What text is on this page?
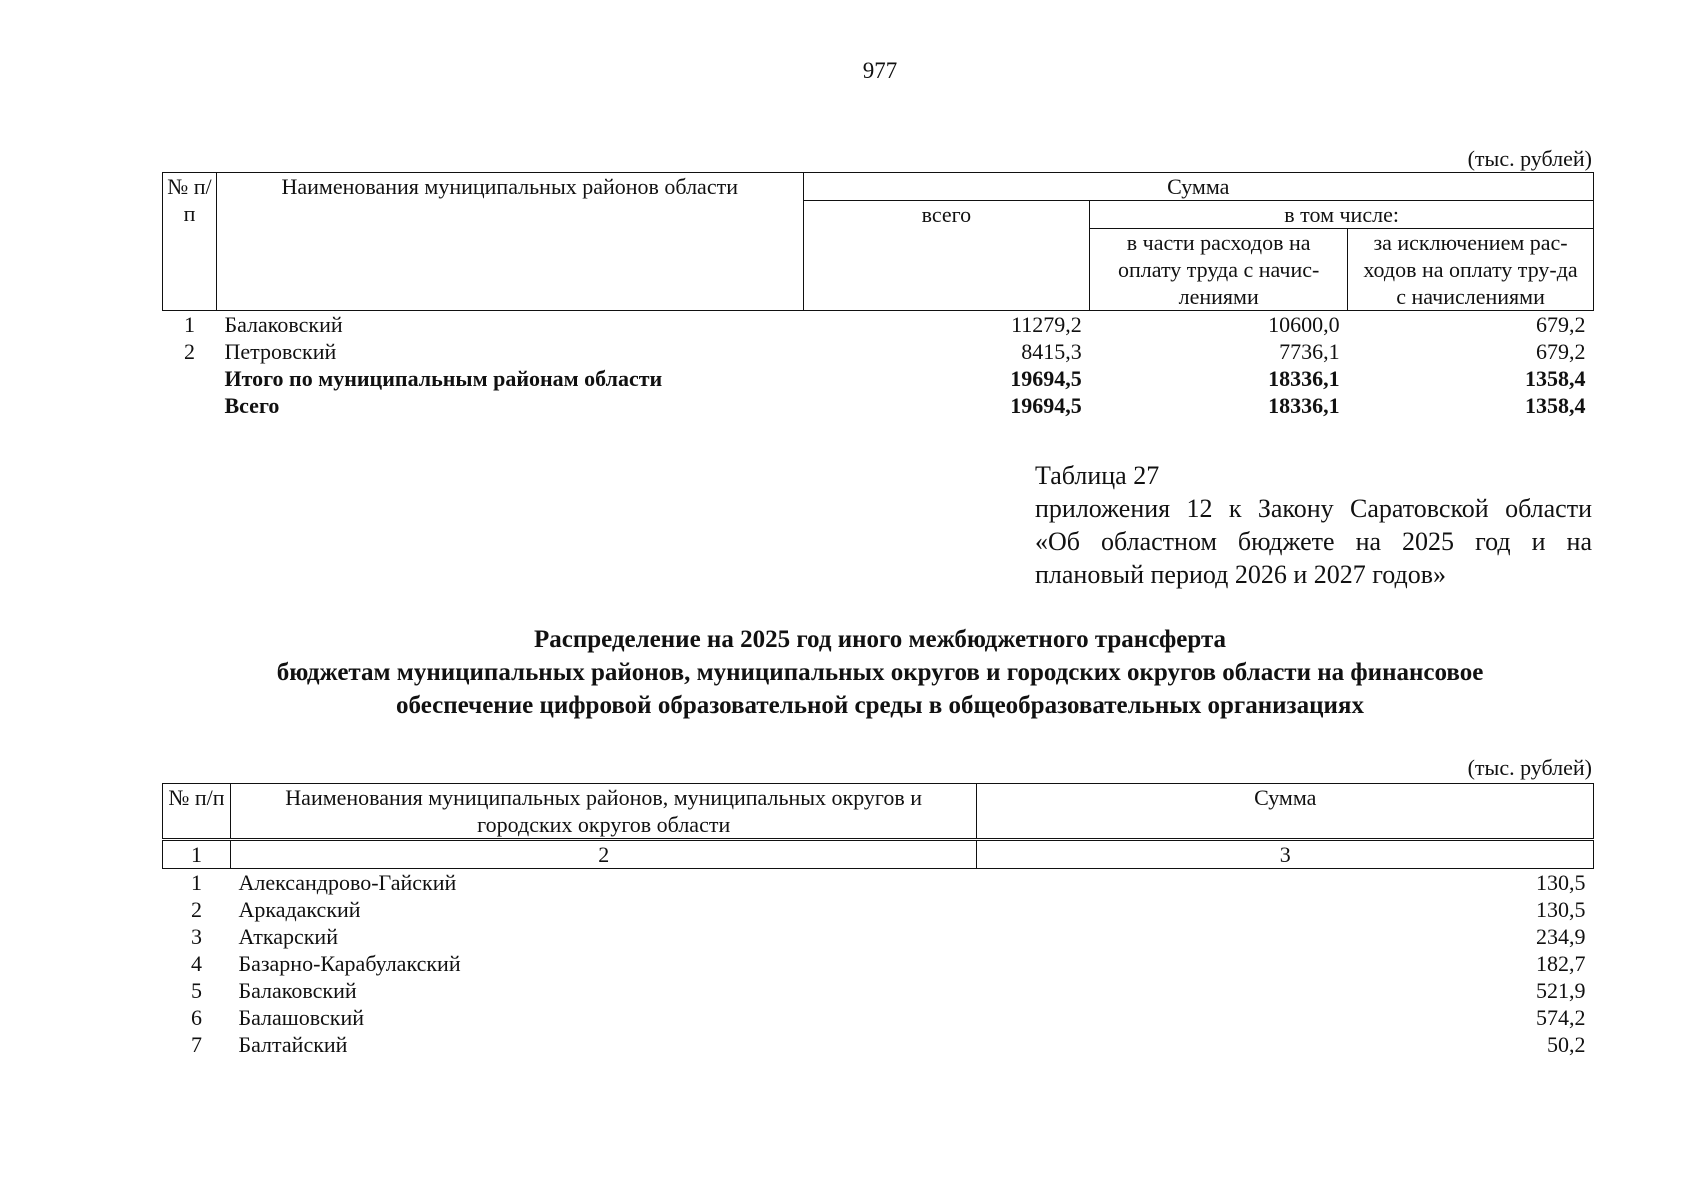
977
(тыс. рублей)
№ п/п	Наименования муниципальных районов области	Сумма		
		всего	в том числе:	
			в части расходов на оплату труда с начис-лениями	за исключением рас-ходов на оплату тру-да с начислениями
1	Балаковский	11279,2	10600,0	679,2
2	Петровский	8415,3	7736,1	679,2
	Итого по муниципальным районам области	19694,5	18336,1	1358,4
	Всего	19694,5	18336,1	1358,4
Таблица 27
приложения 12 к Закону Саратовской области «Об областном бюджете на 2025 год и на плановый период 2026 и 2027 годов»
Распределение на 2025 год иного межбюджетного трансферта
бюджетам муниципальных районов, муниципальных округов и городских округов области на финансовое
обеспечение цифровой образовательной среды в общеобразовательных организациях
(тыс. рублей)
№ п/п	Наименования муниципальных районов, муниципальных округов и городских округов области	Сумма
1	2	3
1	Александрово-Гайский	130,5
2	Аркадакский	130,5
3	Аткарский	234,9
4	Базарно-Карабулакский	182,7
5	Балаковский	521,9
6	Балашовский	574,2
7	Балтайский	50,2
